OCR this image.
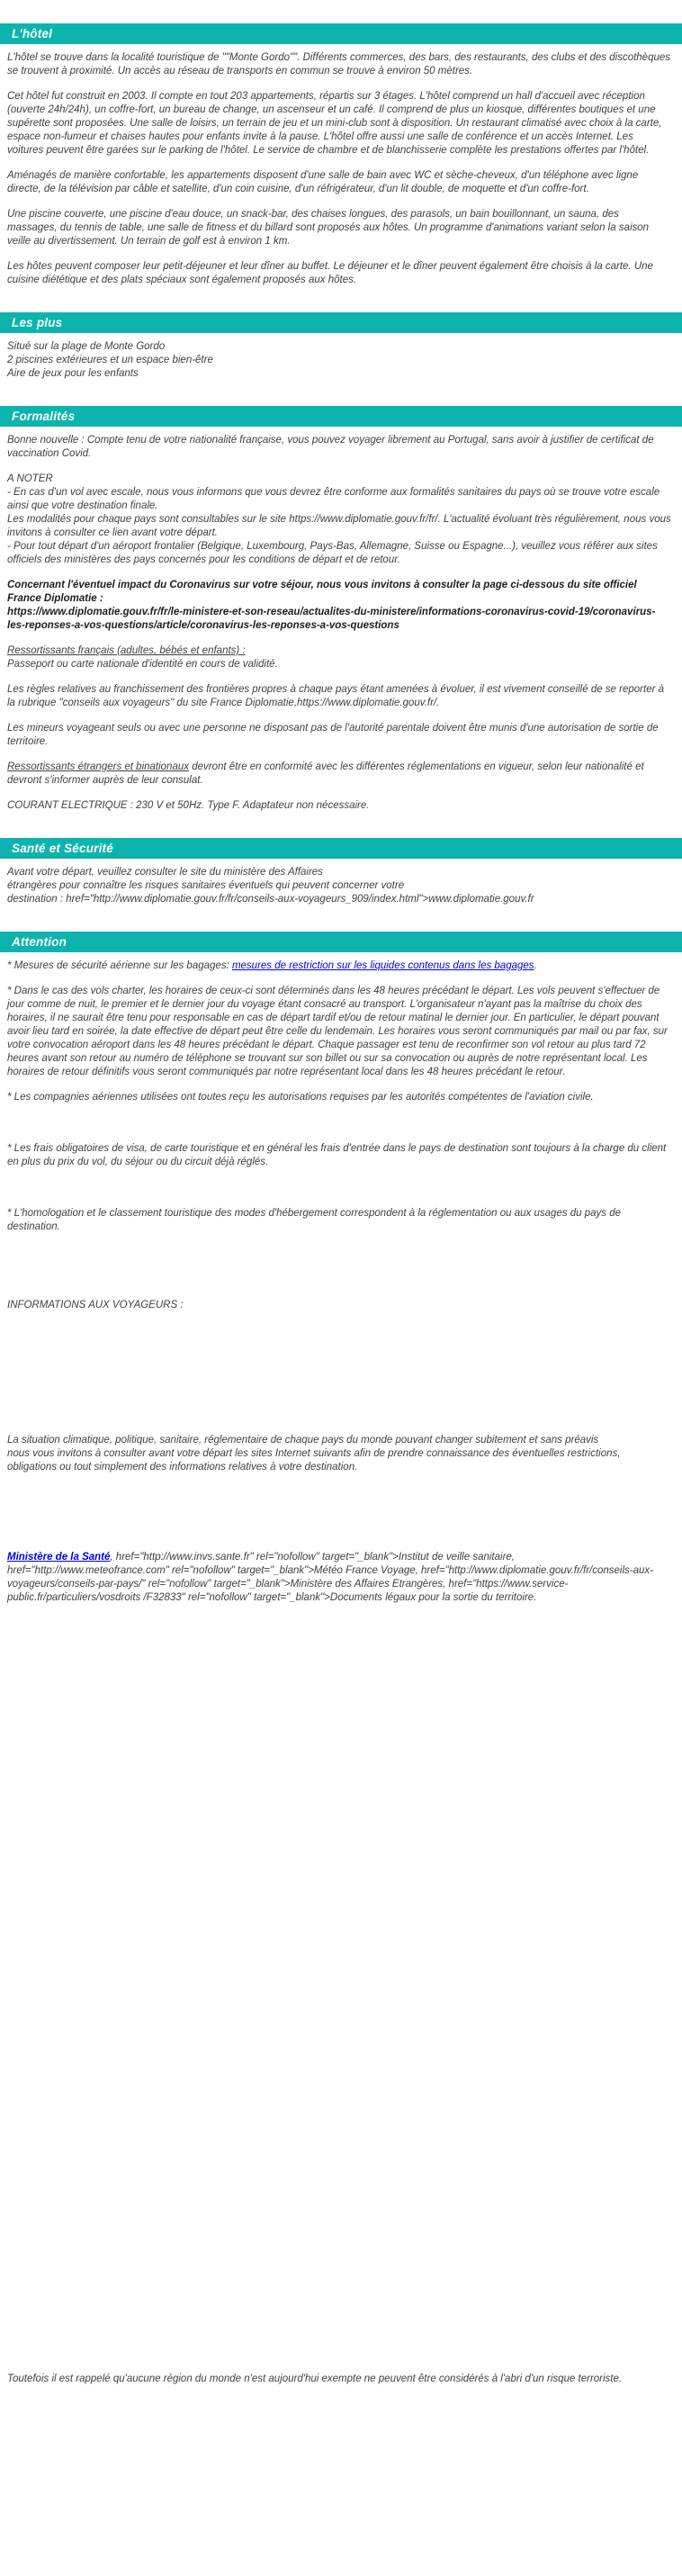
L'hôtel
L'hôtel se trouve dans la localité touristique de ""Monte Gordo"". Différents commerces, des bars, des restaurants, des clubs et des discothèques se trouvent à proximité. Un accès au réseau de transports en commun se trouve à environ 50 mètres.
Cet hôtel fut construit en 2003. Il compte en tout 203 appartements, répartis sur 3 étages. L'hôtel comprend un hall d'accueil avec réception (ouverte 24h/24h), un coffre-fort, un bureau de change, un ascenseur et un café. Il comprend de plus un kiosque, différentes boutiques et une supérette sont proposées. Une salle de loisirs, un terrain de jeu et un mini-club sont à disposition. Un restaurant climatisé avec choix à la carte, espace non-fumeur et chaises hautes pour enfants invite à la pause. L'hôtel offre aussi une salle de conférence et un accès Internet. Les voitures peuvent être garées sur le parking de l'hôtel. Le service de chambre et de blanchisserie complète les prestations offertes par l'hôtel.
Aménagés de manière confortable, les appartements disposent d'une salle de bain avec WC et sèche-cheveux, d'un téléphone avec ligne directe, de la télévision par câble et satellite, d'un coin cuisine, d'un réfrigérateur, d'un lit double, de moquette et d'un coffre-fort.
Une piscine couverte, une piscine d'eau douce, un snack-bar, des chaises longues, des parasols, un bain bouillonnant, un sauna, des massages, du tennis de table, une salle de fitness et du billard sont proposés aux hôtes. Un programme d'animations variant selon la saison veille au divertissement. Un terrain de golf est à environ 1 km.
Les hôtes peuvent composer leur petit-déjeuner et leur dîner au buffet. Le déjeuner et le dîner peuvent également être choisis à la carte. Une cuisine diététique et des plats spéciaux sont également proposés aux hôtes.
Les plus
Situé sur la plage de Monte Gordo
2 piscines extérieures et un espace bien-être
Aire de jeux pour les enfants
Formalités
Bonne nouvelle : Compte tenu de votre nationalité française, vous pouvez voyager librement au Portugal, sans avoir à justifier de certificat de vaccination Covid.
A NOTER
- En cas d'un vol avec escale, nous vous informons que vous devrez être conforme aux formalités sanitaires du pays où se trouve votre escale ainsi que votre destination finale.
Les modalités pour chaque pays sont consultables sur le site https://www.diplomatie.gouv.fr/fr/. L'actualité évoluant très régulièrement, nous vous invitons à consulter ce lien avant votre départ.
- Pour tout départ d'un aéroport frontalier (Belgique, Luxembourg, Pays-Bas, Allemagne, Suisse ou Espagne...), veuillez vous référer aux sites officiels des ministères des pays concernés pour les conditions de départ et de retour.
Concernant l'éventuel impact du Coronavirus sur votre séjour, nous vous invitons à consulter la page ci-dessous du site officiel France Diplomatie :
https://www.diplomatie.gouv.fr/fr/le-ministere-et-son-reseau/actualites-du-ministere/informations-coronavirus-covid-19/coronavirus-les-reponses-a-vos-questions/article/coronavirus-les-reponses-a-vos-questions
Ressortissants français (adultes, bébés et enfants) :
Passeport ou carte nationale d'identité en cours de validité.
Les règles relatives au franchissement des frontières propres à chaque pays étant amenées à évoluer, il est vivement conseillé de se reporter à la rubrique "conseils aux voyageurs" du site France Diplomatie,https://www.diplomatie.gouv.fr/.
Les mineurs voyageant seuls ou avec une personne ne disposant pas de l'autorité parentale doivent être munis d'une autorisation de sortie de territoire.
Ressortissants étrangers et binationaux devront être en conformité avec les différentes réglementations en vigueur, selon leur nationalité et devront s'informer auprès de leur consulat.
COURANT ELECTRIQUE : 230 V et 50Hz. Type F. Adaptateur non nécessaire.
Santé et Sécurité
Avant votre départ, veuillez consulter le site du ministère des Affaires
étrangères pour connaître les risques sanitaires éventuels qui peuvent concerner votre
destination : href="http://www.diplomatie.gouv.fr/fr/conseils-aux-voyageurs_909/index.html">www.diplomatie.gouv.fr
Attention
* Mesures de sécurité aérienne sur les bagages: mesures de restriction sur les liquides contenus dans les bagages.
* Dans le cas des vols charter, les horaires de ceux-ci sont déterminés dans les 48 heures précédant le départ. Les vols peuvent s'effectuer de jour comme de nuit, le premier et le dernier jour du voyage étant consacré au transport. L'organisateur n'ayant pas la maîtrise du choix des horaires, il ne saurait être tenu pour responsable en cas de départ tardif et/ou de retour matinal le dernier jour. En particulier, le départ pouvant avoir lieu tard en soirée, la date effective de départ peut être celle du lendemain. Les horaires vous seront communiqués par mail ou par fax, sur votre convocation aéroport dans les 48 heures précédant le départ. Chaque passager est tenu de reconfirmer son vol retour au plus tard 72 heures avant son retour au numéro de téléphone se trouvant sur son billet ou sur sa convocation ou auprès de notre représentant local. Les horaires de retour définitifs vous seront communiqués par notre représentant local dans les 48 heures précédant le retour.
* Les compagnies aériennes utilisées ont toutes reçu les autorisations requises par les autorités compétentes de l'aviation civile.
* Les frais obligatoires de visa, de carte touristique et en général les frais d'entrée dans le pays de destination sont toujours à la charge du client en plus du prix du vol, du séjour ou du circuit déjà réglés.
* L'homologation et le classement touristique des modes d'hébergement correspondent à la réglementation ou aux usages du pays de destination.
INFORMATIONS AUX VOYAGEURS :
La situation climatique, politique, sanitaire, réglementaire de chaque pays du monde pouvant changer subitement et sans préavis
nous vous invitons à consulter avant votre départ les sites Internet suivants afin de prendre connaissance des éventuelles restrictions, obligations ou tout simplement des informations relatives à votre destination.
Ministère de la Santé, href="http://www.invs.sante.fr" rel="nofollow" target="_blank">Institut de veille sanitaire, href="http://www.meteofrance.com" rel="nofollow" target="_blank">Météo France Voyage, href="http://www.diplomatie.gouv.fr/fr/conseils-aux-voyageurs/conseils-par-pays/" rel="nofollow" target="_blank">Ministère des Affaires Etrangères, href="https://www.service-public.fr/particuliers/vosdroits /F32833" rel="nofollow" target="_blank">Documents légaux pour la sortie du territoire.
Toutefois il est rappelé qu'aucune région du monde n'est aujourd'hui exempte ne peuvent être considérés à l'abri d'un risque terroriste.
